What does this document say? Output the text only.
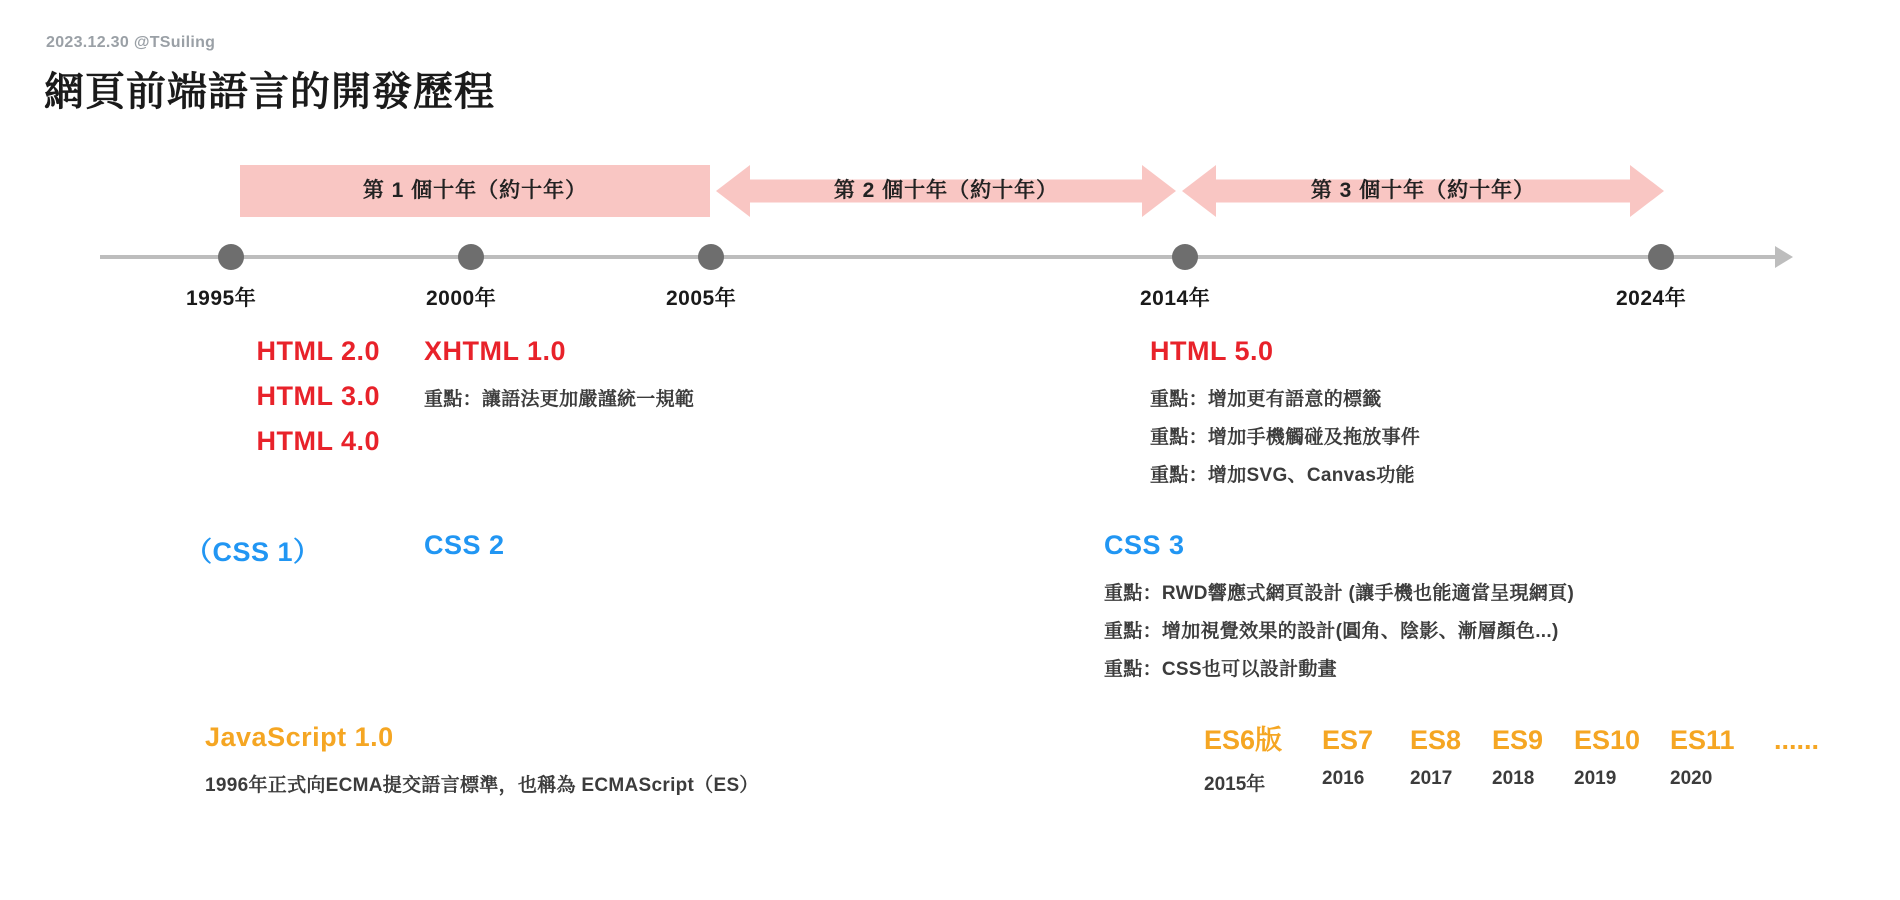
2023.12.30 @TSuiling
網頁前端語言的開發歷程
第 1 個十年（約十年）	第 2 個十年（約十年）	第 3 個十年（約十年）
1995年	2000年	2005年	2014年	2024年
HTML 2.0
HTML 3.0
HTML 4.0
XHTML 1.0
重點：讓語法更加嚴謹統一規範
HTML 5.0
重點：增加更有語意的標籤
重點：增加手機觸碰及拖放事件
重點：增加SVG、Canvas功能
（CSS 1）	CSS 2	CSS 3
重點：RWD響應式網頁設計 (讓手機也能適當呈現網頁)
重點：增加視覺效果的設計(圓角、陰影、漸層顏色...)
重點：CSS也可以設計動畫
JavaScript 1.0
1996年正式向ECMA提交語言標準，也稱為 ECMAScript（ES）
ES6版
2015年
ES7
2016
ES8
2017
ES9
2018
ES10
2019
ES11
2020
......
